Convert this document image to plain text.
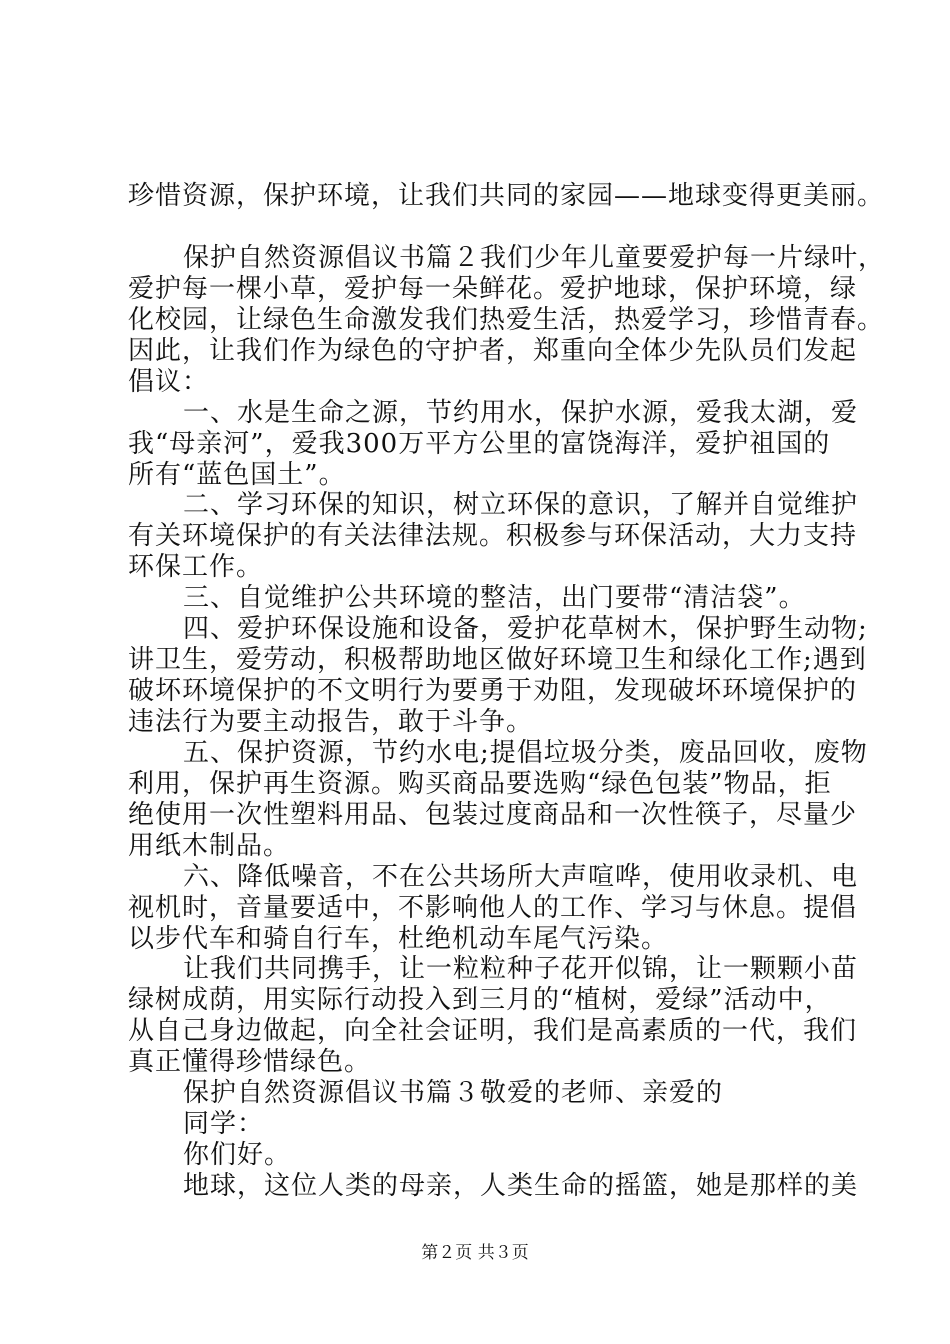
珍惜资源，保护环境，让我们共同的家园——地球变得更美丽。
保护自然资源倡议书篇２我们少年儿童要爱护每一片绿叶，
爱护每一棵小草，爱护每一朵鲜花。爱护地球，保护环境，绿
化校园，让绿色生命激发我们热爱生活，热爱学习，珍惜青春。
因此，让我们作为绿色的守护者，郑重向全体少先队员们发起
倡议：
一、水是生命之源，节约用水，保护水源，爱我太湖，爱
我“母亲河”，爱我300万平方公里的富饶海洋，爱护祖国的
所有“蓝色国土”。
二、学习环保的知识，树立环保的意识，了解并自觉维护
有关环境保护的有关法律法规。积极参与环保活动，大力支持
环保工作。
三、自觉维护公共环境的整洁，出门要带“清洁袋”。
四、爱护环保设施和设备，爱护花草树木，保护野生动物;
讲卫生，爱劳动，积极帮助地区做好环境卫生和绿化工作;遇到
破坏环境保护的不文明行为要勇于劝阻，发现破坏环境保护的
违法行为要主动报告，敢于斗争。
五、保护资源，节约水电;提倡垃圾分类，废品回收，废物
利用，保护再生资源。购买商品要选购“绿色包装”物品，拒
绝使用一次性塑料用品、包装过度商品和一次性筷子，尽量少
用纸木制品。
六、降低噪音，不在公共场所大声喧哗，使用收录机、电
视机时，音量要适中，不影响他人的工作、学习与休息。提倡
以步代车和骑自行车，杜绝机动车尾气污染。
让我们共同携手，让一粒粒种子花开似锦，让一颗颗小苗
绿树成荫，用实际行动投入到三月的“植树，爱绿”活动中，
从自己身边做起，向全社会证明，我们是高素质的一代，我们
真正懂得珍惜绿色。
保护自然资源倡议书篇３敬爱的老师、亲爱的
同学：
你们好。
地球，这位人类的母亲，人类生命的摇篮，她是那样的美
第２页 共３页
